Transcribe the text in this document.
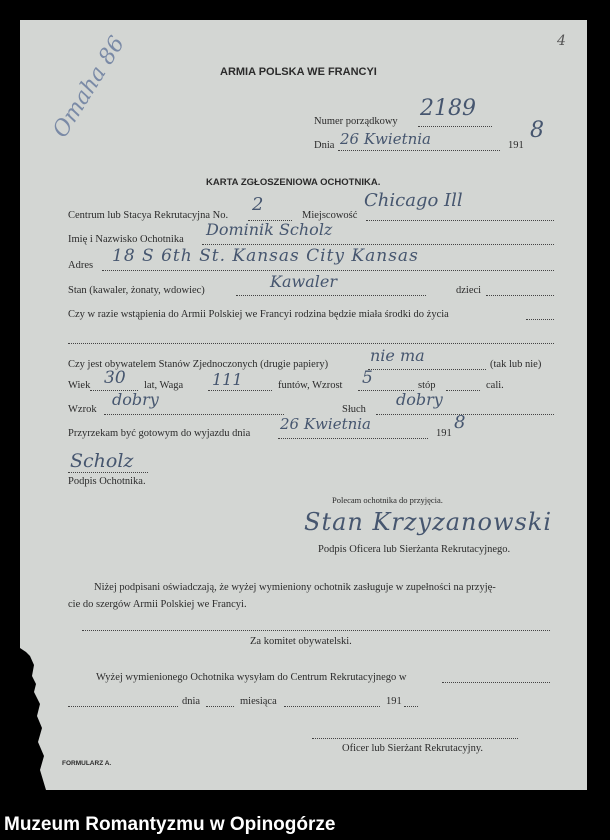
4
Omaha 86	ARMIA POLSKA WE FRANCYI
Numer porządkowy
2189
Dnia 26 Kwietnia	191
8
KARTA ZGŁOSZENIOWA OCHOTNIKA.
Centrum lub Stacya Rekrutacyjna No.
2
Miejscowość
Chicago Ill
Imię i Nazwisko Ochotnika
Dominik Scholz
Adres 18 S 6th St. Kansas City Kansas
Stan (kawaler, żonaty, wdowiec)	Kawaler	dzieci
Czy w razie wstąpienia do Armii Polskiej we Francyi rodzina będzie miała środki do życia
Czy jest obywatelem Stanów Zjednoczonych (drugie papiery)	nie ma	(tak lub nie)
Wiek 30 lat, Waga 111	funtów, Wzrost 5	stóp	cali.
Wzrok
dobry
Słuch
dobry
Przyrzekam być gotowym do wyjazdu dnia
26 Kwietnia
191
8
Scholz
Podpis Ochotnika.
Polecam ochotnika do przyjęcia.
Stan Krzyzanowski
Podpis Oficera lub Sierżanta Rekrutacyjnego.
Niżej podpisani oświadczają, że wyżej wymieniony ochotnik zasługuje w zupełności na przyję-
cie do szergów Armii Polskiej we Francyi.
Za komitet obywatelski.
Wyżej wymienionego Ochotnika wysyłam do Centrum Rekrutacyjnego w
dnia	miesiąca	191
Oficer lub Sierżant Rekrutacyjny.
FORMULARZ A.
Muzeum Romantyzmu w Opinogórze
